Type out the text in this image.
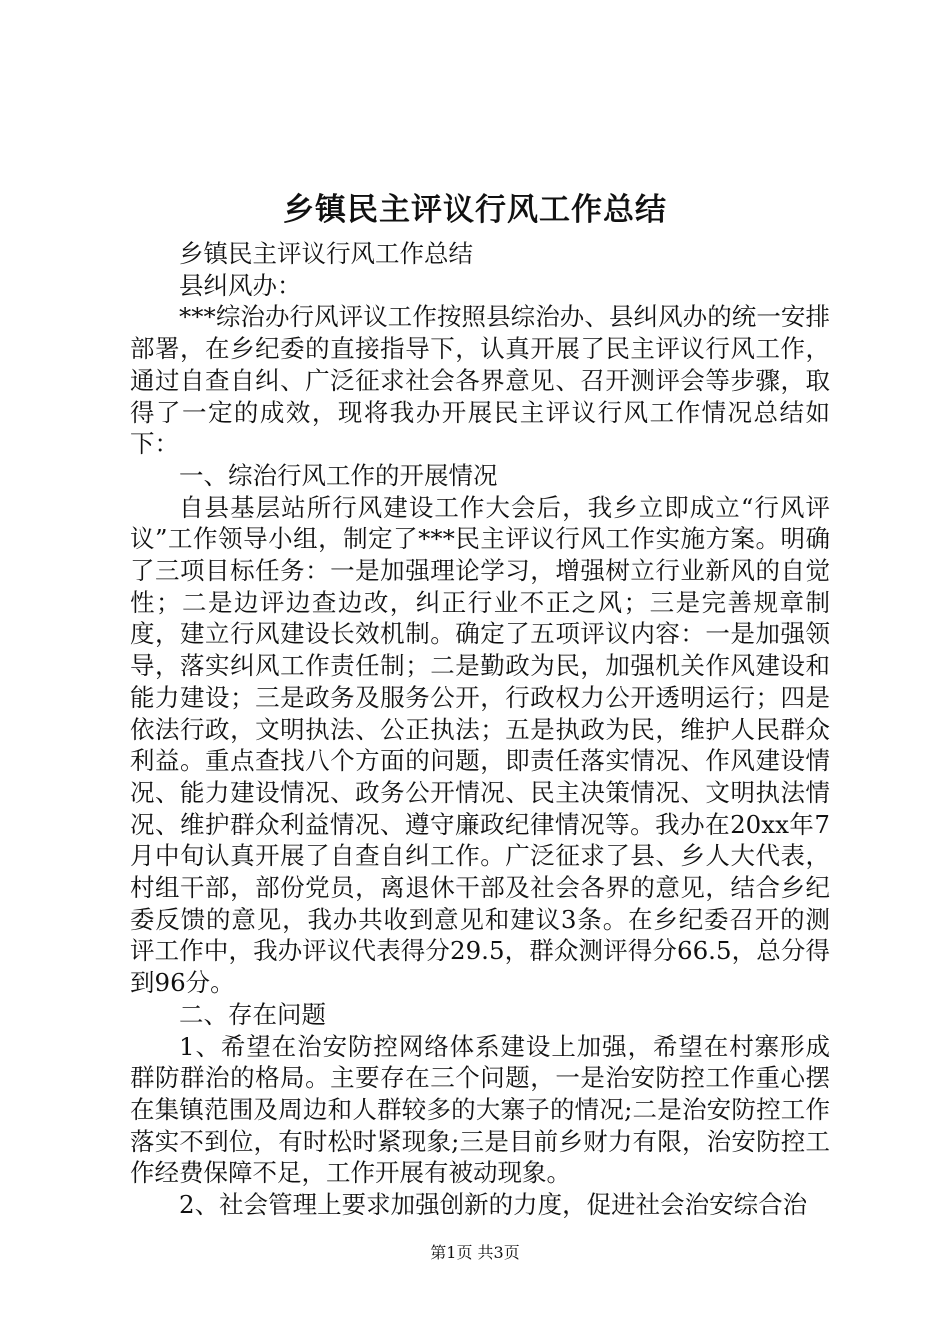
乡镇民主评议行风工作总结

乡镇民主评议行风工作总结

县纠风办：

***综治办行风评议工作按照县综治办、县纠风办的统一安排部署，在乡纪委的直接指导下，认真开展了民主评议行风工作，通过自查自纠、广泛征求社会各界意见、召开测评会等步骤，取得了一定的成效，现将我办开展民主评议行风工作情况总结如下：

一、综治行风工作的开展情况

自县基层站所行风建设工作大会后，我乡立即成立“行风评议”工作领导小组，制定了***民主评议行风工作实施方案。明确了三项目标任务：一是加强理论学习，增强树立行业新风的自觉性；二是边评边查边改，纠正行业不正之风；三是完善规章制度，建立行风建设长效机制。确定了五项评议内容：一是加强领导，落实纠风工作责任制；二是勤政为民，加强机关作风建设和能力建设；三是政务及服务公开，行政权力公开透明运行；四是依法行政，文明执法、公正执法；五是执政为民，维护人民群众利益。重点查找八个方面的问题，即责任落实情况、作风建设情况、能力建设情况、政务公开情况、民主决策情况、文明执法情况、维护群众利益情况、遵守廉政纪律情况等。我办在20xx年7月中旬认真开展了自查自纠工作。广泛征求了县、乡人大代表，村组干部，部份党员，离退休干部及社会各界的意见，结合乡纪委反馈的意见，我办共收到意见和建议3条。在乡纪委召开的测评工作中，我办评议代表得分29.5，群众测评得分66.5，总分得到96分。

二、存在问题

1、希望在治安防控网络体系建设上加强，希望在村寨形成群防群治的格局。主要存在三个问题，一是治安防控工作重心摆在集镇范围及周边和人群较多的大寨子的情况;二是治安防控工作落实不到位，有时松时紧现象;三是目前乡财力有限，治安防控工作经费保障不足，工作开展有被动现象。

2、社会管理上要求加强创新的力度，促进社会治安综合治

第1页 共3页
